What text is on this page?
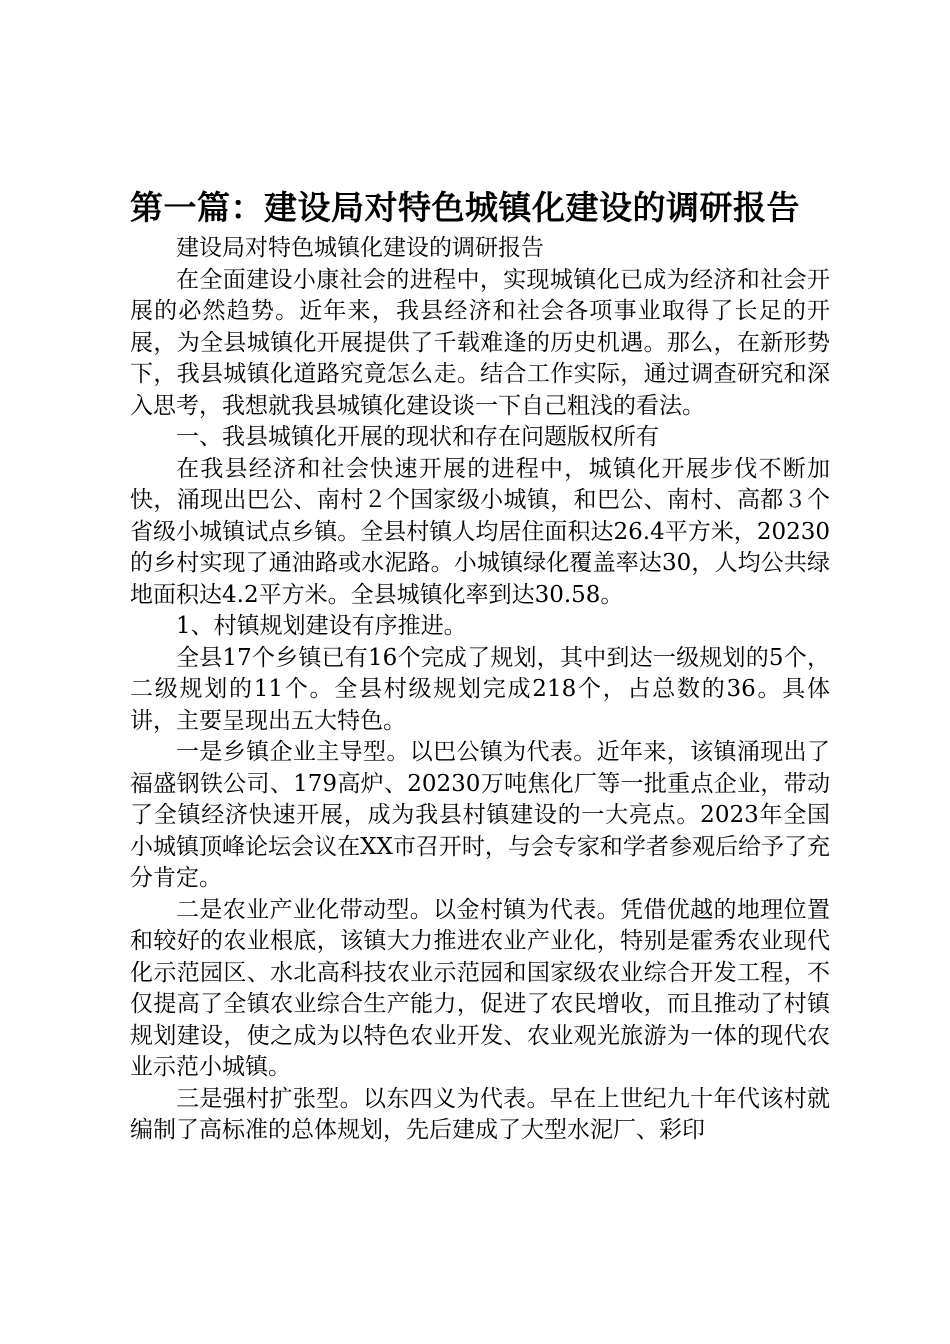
第一篇：建设局对特色城镇化建设的调研报告

建设局对特色城镇化建设的调研报告

在全面建设小康社会的进程中，实现城镇化已成为经济和社会开展的必然趋势。近年来，我县经济和社会各项事业取得了长足的开展，为全县城镇化开展提供了千载难逢的历史机遇。那么，在新形势下，我县城镇化道路究竟怎么走。结合工作实际，通过调查研究和深入思考，我想就我县城镇化建设谈一下自己粗浅的看法。

一、我县城镇化开展的现状和存在问题版权所有

在我县经济和社会快速开展的进程中，城镇化开展步伐不断加快，涌现出巴公、南村２个国家级小城镇，和巴公、南村、高都３个省级小城镇试点乡镇。全县村镇人均居住面积达26.4平方米，20230的乡村实现了通油路或水泥路。小城镇绿化覆盖率达30，人均公共绿地面积达4.2平方米。全县城镇化率到达30.58。

1、村镇规划建设有序推进。

全县17个乡镇已有16个完成了规划，其中到达一级规划的5个，二级规划的11个。全县村级规划完成218个，占总数的36。具体讲，主要呈现出五大特色。

一是乡镇企业主导型。以巴公镇为代表。近年来，该镇涌现出了福盛钢铁公司、179高炉、20230万吨焦化厂等一批重点企业，带动了全镇经济快速开展，成为我县村镇建设的一大亮点。2023年全国小城镇顶峰论坛会议在XX市召开时，与会专家和学者参观后给予了充分肯定。

二是农业产业化带动型。以金村镇为代表。凭借优越的地理位置和较好的农业根底，该镇大力推进农业产业化，特别是霍秀农业现代化示范园区、水北高科技农业示范园和国家级农业综合开发工程，不仅提高了全镇农业综合生产能力，促进了农民增收，而且推动了村镇规划建设，使之成为以特色农业开发、农业观光旅游为一体的现代农业示范小城镇。

三是强村扩张型。以东四义为代表。早在上世纪九十年代该村就编制了高标准的总体规划，先后建成了大型水泥厂、彩印
